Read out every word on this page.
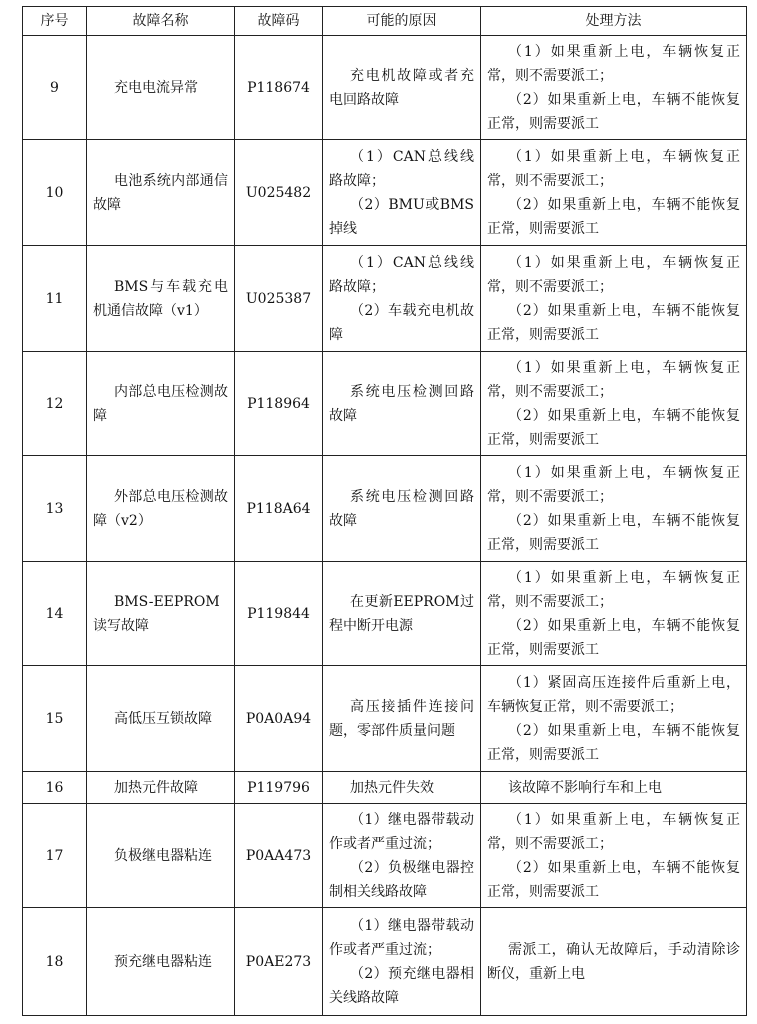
序号	故障名称	故障码	可能的原因	处理方法
9	充电电流异常	P118674	充电机故障或者充电回路故障	（1）如果重新上电，车辆恢复正常，则不需要派工；
（2）如果重新上电，车辆不能恢复正常，则需要派工

10	电池系统内部通信故障	U025482	（1）CAN总线线路故障；
（2）BMU或BMS掉线	（1）如果重新上电，车辆恢复正常，则不需要派工；
（2）如果重新上电，车辆不能恢复正常，则需要派工

11	BMS与车载充电机通信故障（v1）	U025387	（1）CAN总线线路故障；
（2）车载充电机故障	（1）如果重新上电，车辆恢复正常，则不需要派工；
（2）如果重新上电，车辆不能恢复正常，则需要派工

12	内部总电压检测故障	P118964	系统电压检测回路故障	（1）如果重新上电，车辆恢复正常，则不需要派工；
（2）如果重新上电，车辆不能恢复正常，则需要派工

13	外部总电压检测故障（v2）	P118A64	系统电压检测回路故障	（1）如果重新上电，车辆恢复正常，则不需要派工；
（2）如果重新上电，车辆不能恢复正常，则需要派工

14	BMS-EEPROM读写故障	P119844	在更新EEPROM过程中断开电源	（1）如果重新上电，车辆恢复正常，则不需要派工；
（2）如果重新上电，车辆不能恢复正常，则需要派工

15	高低压互锁故障	P0A0A94	高压接插件连接问题，零部件质量问题	（1）紧固高压连接件后重新上电，车辆恢复正常，则不需要派工；
（2）如果重新上电，车辆不能恢复正常，则需要派工

16	加热元件故障	P119796	加热元件失效	该故障不影响行车和上电

17	负极继电器粘连	P0AA473	（1）继电器带载动作或者严重过流；
（2）负极继电器控制相关线路故障	（1）如果重新上电，车辆恢复正常，则不需要派工；
（2）如果重新上电，车辆不能恢复正常，则需要派工

18	预充继电器粘连	P0AE273	（1）继电器带载动作或者严重过流；
（2）预充继电器相关线路故障	需派工，确认无故障后，手动清除诊断仪，重新上电
